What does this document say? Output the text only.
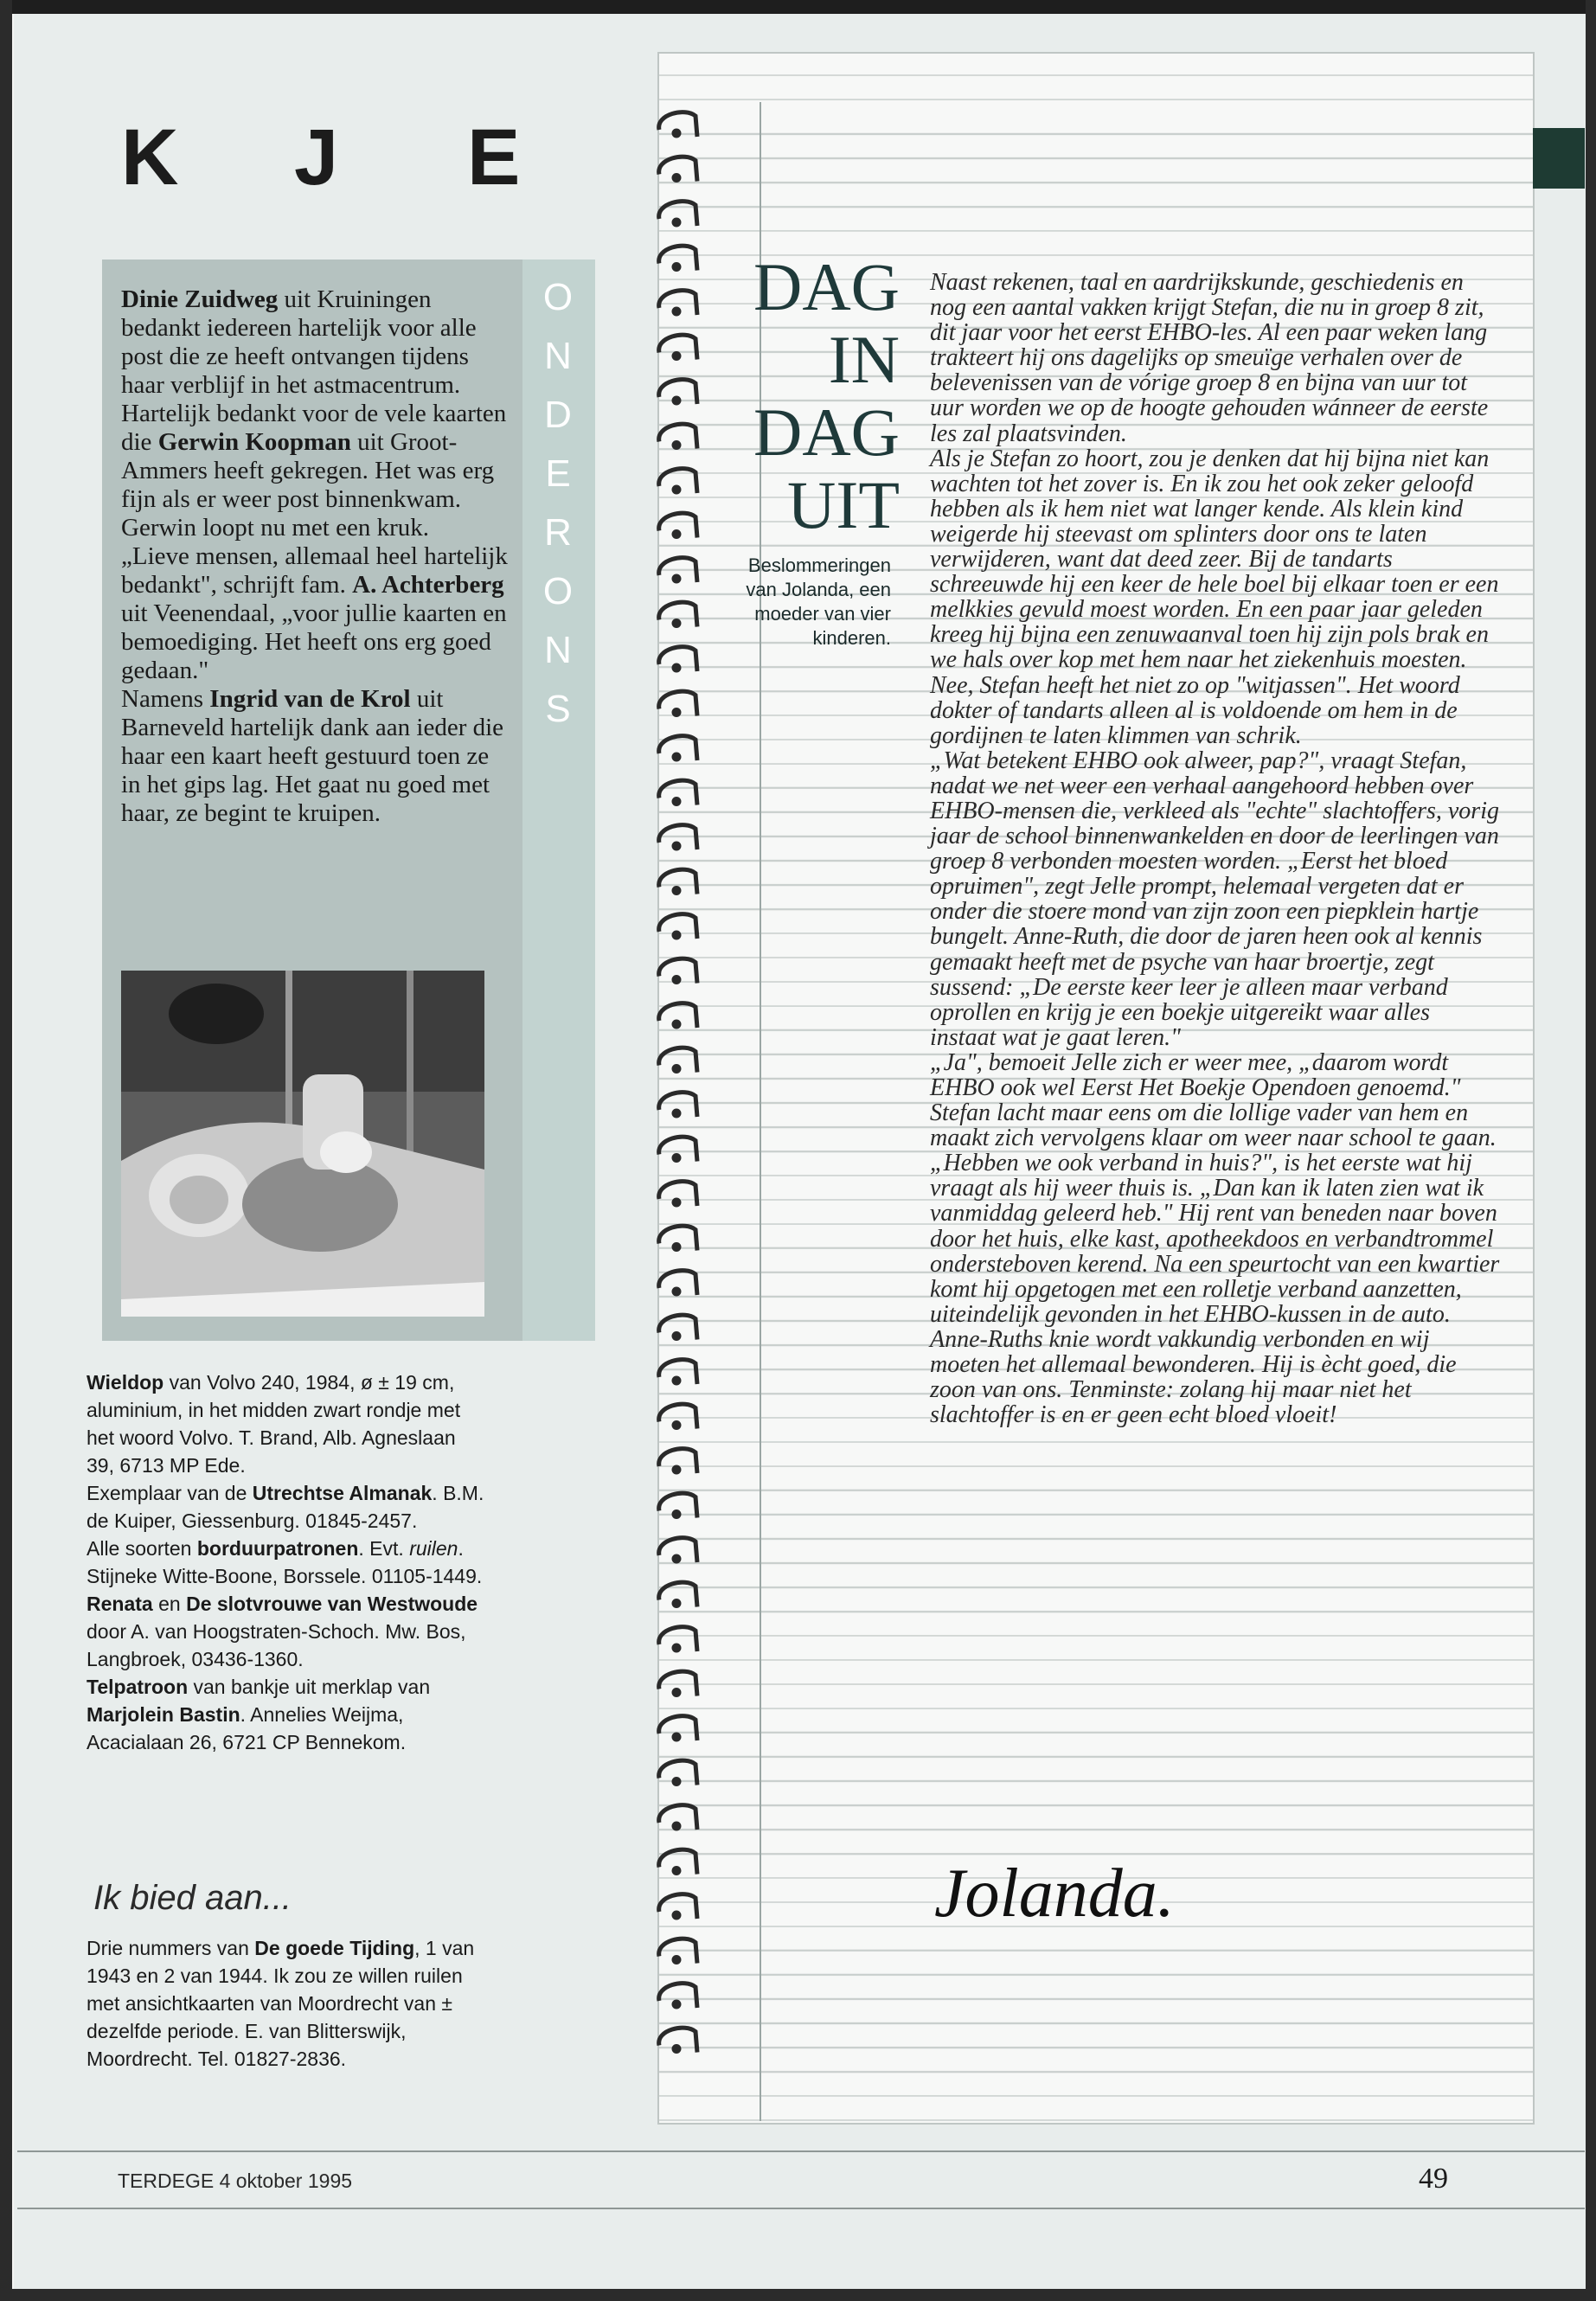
K	J	E
O
N
D
E
R
O
N
S
Dinie Zuidweg uit Kruiningen bedankt iedereen hartelijk voor alle post die ze heeft ontvangen tijdens haar verblijf in het astmacentrum.
Hartelijk bedankt voor de vele kaarten die Gerwin Koopman uit Groot-Ammers heeft gekregen. Het was erg fijn als er weer post binnenkwam. Gerwin loopt nu met een kruk.
„Lieve mensen, allemaal heel hartelijk bedankt", schrijft fam. A. Achterberg uit Veenendaal, „voor jullie kaarten en bemoediging. Het heeft ons erg goed gedaan."
Namens Ingrid van de Krol uit Barneveld hartelijk dank aan ieder die haar een kaart heeft gestuurd toen ze in het gips lag. Het gaat nu goed met haar, ze begint te kruipen.
Wieldop van Volvo 240, 1984, ø ± 19 cm, aluminium, in het midden zwart rondje met het woord Volvo. T. Brand, Alb. Agneslaan 39, 6713 MP Ede.
Exemplaar van de Utrechtse Almanak. B.M. de Kuiper, Giessenburg. 01845-2457.
Alle soorten borduurpatronen. Evt. ruilen. Stijneke Witte-Boone, Borssele. 01105-1449.
Renata en De slotvrouwe van Westwoude door A. van Hoogstraten-Schoch. Mw. Bos, Langbroek, 03436-1360.
Telpatroon van bankje uit merklap van Marjolein Bastin. Annelies Weijma, Acacialaan 26, 6721 CP Bennekom.
Ik bied aan...
Drie nummers van De goede Tijding, 1 van 1943 en 2 van 1944. Ik zou ze willen ruilen met ansichtkaarten van Moordrecht van ± dezelfde periode. E. van Blitterswijk, Moordrecht. Tel. 01827-2836.
DAG
IN
DAG
UIT
Beslommeringen van Jolanda, een moeder van vier kinderen.
Naast rekenen, taal en aardrijkskunde, geschiedenis en nog een aantal vakken krijgt Stefan, die nu in groep 8 zit, dit jaar voor het eerst EHBO-les. Al een paar weken lang trakteert hij ons dagelijks op smeuïge verhalen over de belevenissen van de vórige groep 8 en bijna van uur tot uur worden we op de hoogte gehouden wánneer de eerste les zal plaatsvinden.
Als je Stefan zo hoort, zou je denken dat hij bijna niet kan wachten tot het zover is. En ik zou het ook zeker geloofd hebben als ik hem niet wat langer kende. Als klein kind weigerde hij steevast om splinters door ons te laten verwijderen, want dat deed zeer. Bij de tandarts schreeuwde hij een keer de hele boel bij elkaar toen er een melkkies gevuld moest worden. En een paar jaar geleden kreeg hij bijna een zenuwaanval toen hij zijn pols brak en we hals over kop met hem naar het ziekenhuis moesten. Nee, Stefan heeft het niet zo op "witjassen". Het woord dokter of tandarts alleen al is voldoende om hem in de gordijnen te laten klimmen van schrik.
„Wat betekent EHBO ook alweer, pap?", vraagt Stefan, nadat we net weer een verhaal aangehoord hebben over EHBO-mensen die, verkleed als "echte" slachtoffers, vorig jaar de school binnenwankelden en door de leerlingen van groep 8 verbonden moesten worden. „Eerst het bloed opruimen", zegt Jelle prompt, helemaal vergeten dat er onder die stoere mond van zijn zoon een piepklein hartje bungelt. Anne-Ruth, die door de jaren heen ook al kennis gemaakt heeft met de psyche van haar broertje, zegt sussend: „De eerste keer leer je alleen maar verband oprollen en krijg je een boekje uitgereikt waar alles instaat wat je gaat leren."
„Ja", bemoeit Jelle zich er weer mee, „daarom wordt EHBO ook wel Eerst Het Boekje Opendoen genoemd." Stefan lacht maar eens om die lollige vader van hem en maakt zich vervolgens klaar om weer naar school te gaan.
„Hebben we ook verband in huis?", is het eerste wat hij vraagt als hij weer thuis is. „Dan kan ik laten zien wat ik vanmiddag geleerd heb." Hij rent van beneden naar boven door het huis, elke kast, apotheekdoos en verbandtrommel ondersteboven kerend. Na een speurtocht van een kwartier komt hij opgetogen met een rolletje verband aanzetten, uiteindelijk gevonden in het EHBO-kussen in de auto. Anne-Ruths knie wordt vakkundig verbonden en wij moeten het allemaal bewonderen. Hij is ècht goed, die zoon van ons. Tenminste: zolang hij maar niet het slachtoffer is en er geen echt bloed vloeit!
Jolanda.
TERDEGE 4 oktober 1995	49
